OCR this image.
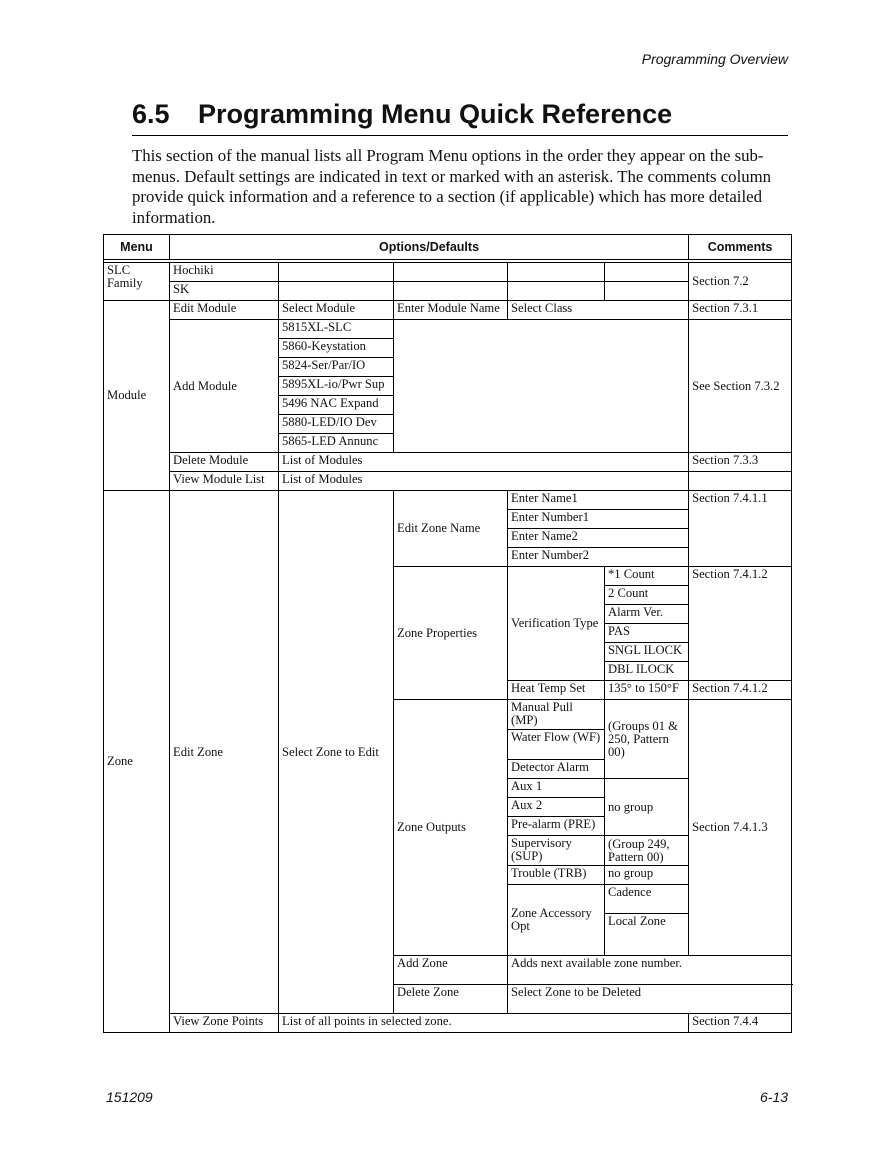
Programming Overview
6.5 Programming Menu Quick Reference

This section of the manual lists all Program Menu options in the order they appear on the sub-menus. Default settings are indicated in text or marked with an asterisk. The comments column provide quick information and a reference to a section (if applicable) which has more detailed information.

Menu	Options/Defaults					Comments	

SLC Family	Hochiki					Section 7.2	
	SK						
Module	Edit Module	Select Module	Enter Module Name	Select Class		Section 7.3.1	
	Add Module	5815XL-SLC				See Section 7.3.2	
		5860-Keystation					
		5824-Ser/Par/IO					
		5895XL-io/Pwr Sup					
		5496 NAC Expand					
		5880-LED/IO Dev					
		5865-LED Annunc					
	Delete Module	List of Modules				Section 7.3.3	
	View Module List	List of Modules					
Zone	Edit Zone	Select Zone to Edit	Edit Zone Name	Enter Name1		Section 7.4.1.1	
				Enter Number1			
				Enter Name2			
				Enter Number2			
			Zone Properties	Verification Type	*1 Count	Section 7.4.1.2	
					2 Count		
					Alarm Ver.		
					PAS		
					SNGL ILOCK		
					DBL ILOCK		
				Heat Temp Set	135° to 150°F	Section 7.4.1.2	
			Zone Outputs	Manual Pull (MP)	(Groups 01 & 250, Pattern 00)	Section 7.4.1.3	
				Water Flow (WF)			
				Detector Alarm			
				Aux 1	no group		
				Aux 2			
				Pre-alarm (PRE)			
				Supervisory (SUP)	(Group 249, Pattern 00)		
				Trouble (TRB)	no group		
				Zone Accessory Opt	Cadence		
					Local Zone	
			Add Zone	Adds next available zone number.	
			Delete Zone	Select Zone to be Deleted	
	View Zone Points	List of all points in selected zone.				Section 7.4.4	
151209	6-13
